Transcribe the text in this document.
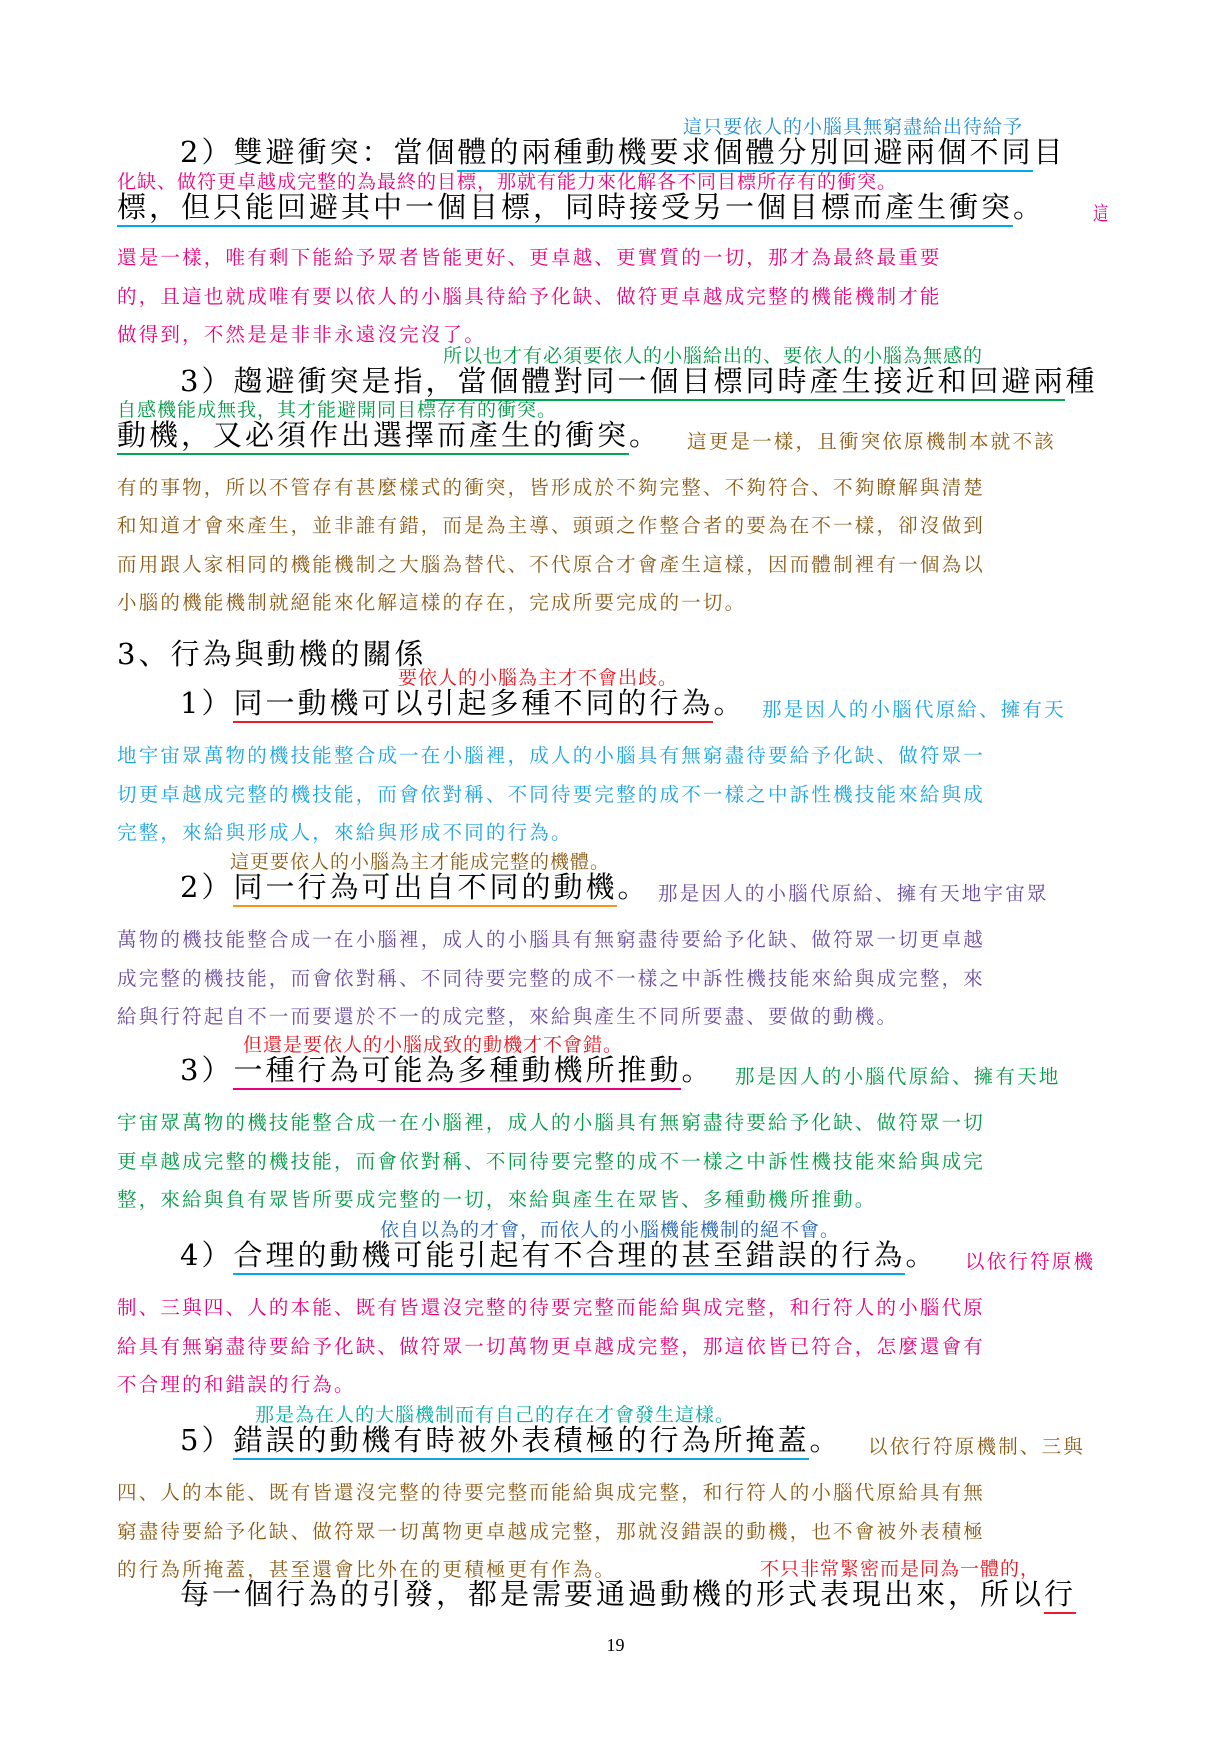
這只要依人的小腦具無窮盡給出待給予
2）雙避衝突：當個體的兩種動機要求個體分別回避兩個不同目
化缺、做符更卓越成完整的為最終的目標，那就有能力來化解各不同目標所存有的衝突。
標，但只能回避其中一個目標，同時接受另一個目標而產生衝突。 這
還是一樣，唯有剩下能給予眾者皆能更好、更卓越、更實質的一切，那才為最終最重要
的，且這也就成唯有要以依人的小腦具待給予化缺、做符更卓越成完整的機能機制才能
做得到，不然是是非非永遠沒完沒了。
所以也才有必須要依人的小腦給出的、要依人的小腦為無感的
3）趨避衝突是指，當個體對同一個目標同時產生接近和回避兩種
自感機能成無我，其才能避開同目標存有的衝突。
動機，又必須作出選擇而產生的衝突。 這更是一樣，且衝突依原機制本就不該
有的事物，所以不管存有甚麼樣式的衝突，皆形成於不夠完整、不夠符合、不夠瞭解與清楚
和知道才會來產生，並非誰有錯，而是為主導、頭頭之作整合者的要為在不一樣，卻沒做到
而用跟人家相同的機能機制之大腦為替代、不代原合才會產生這樣，因而體制裡有一個為以
小腦的機能機制就絕能來化解這樣的存在，完成所要完成的一切。
3、行為與動機的關係
要依人的小腦為主才不會出歧。
1）同一動機可以引起多種不同的行為。 那是因人的小腦代原給、擁有天
地宇宙眾萬物的機技能整合成一在小腦裡，成人的小腦具有無窮盡待要給予化缺、做符眾一
切更卓越成完整的機技能，而會依對稱、不同待要完整的成不一樣之中訴性機技能來給與成
完整，來給與形成人，來給與形成不同的行為。
這更要依人的小腦為主才能成完整的機體。
2）同一行為可出自不同的動機。 那是因人的小腦代原給、擁有天地宇宙眾
萬物的機技能整合成一在小腦裡，成人的小腦具有無窮盡待要給予化缺、做符眾一切更卓越
成完整的機技能，而會依對稱、不同待要完整的成不一樣之中訴性機技能來給與成完整，來
給與行符起自不一而要還於不一的成完整，來給與產生不同所要盡、要做的動機。
但還是要依人的小腦成致的動機才不會錯。
3）一種行為可能為多種動機所推動。 那是因人的小腦代原給、擁有天地
宇宙眾萬物的機技能整合成一在小腦裡，成人的小腦具有無窮盡待要給予化缺、做符眾一切
更卓越成完整的機技能，而會依對稱、不同待要完整的成不一樣之中訴性機技能來給與成完
整，來給與負有眾皆所要成完整的一切，來給與產生在眾皆、多種動機所推動。
依自以為的才會，而依人的小腦機能機制的絕不會。
4）合理的動機可能引起有不合理的甚至錯誤的行為。 以依行符原機
制、三與四、人的本能、既有皆還沒完整的待要完整而能給與成完整，和行符人的小腦代原
給具有無窮盡待要給予化缺、做符眾一切萬物更卓越成完整，那這依皆已符合，怎麼還會有
不合理的和錯誤的行為。
那是為在人的大腦機制而有自己的存在才會發生這樣。
5）錯誤的動機有時被外表積極的行為所掩蓋。 以依行符原機制、三與
四、人的本能、既有皆還沒完整的待要完整而能給與成完整，和行符人的小腦代原給具有無
窮盡待要給予化缺、做符眾一切萬物更卓越成完整，那就沒錯誤的動機，也不會被外表積極
的行為所掩蓋，甚至還會比外在的更積極更有作為。	不只非常緊密而是同為一體的，
每一個行為的引發，都是需要通過動機的形式表現出來，所以行
19
